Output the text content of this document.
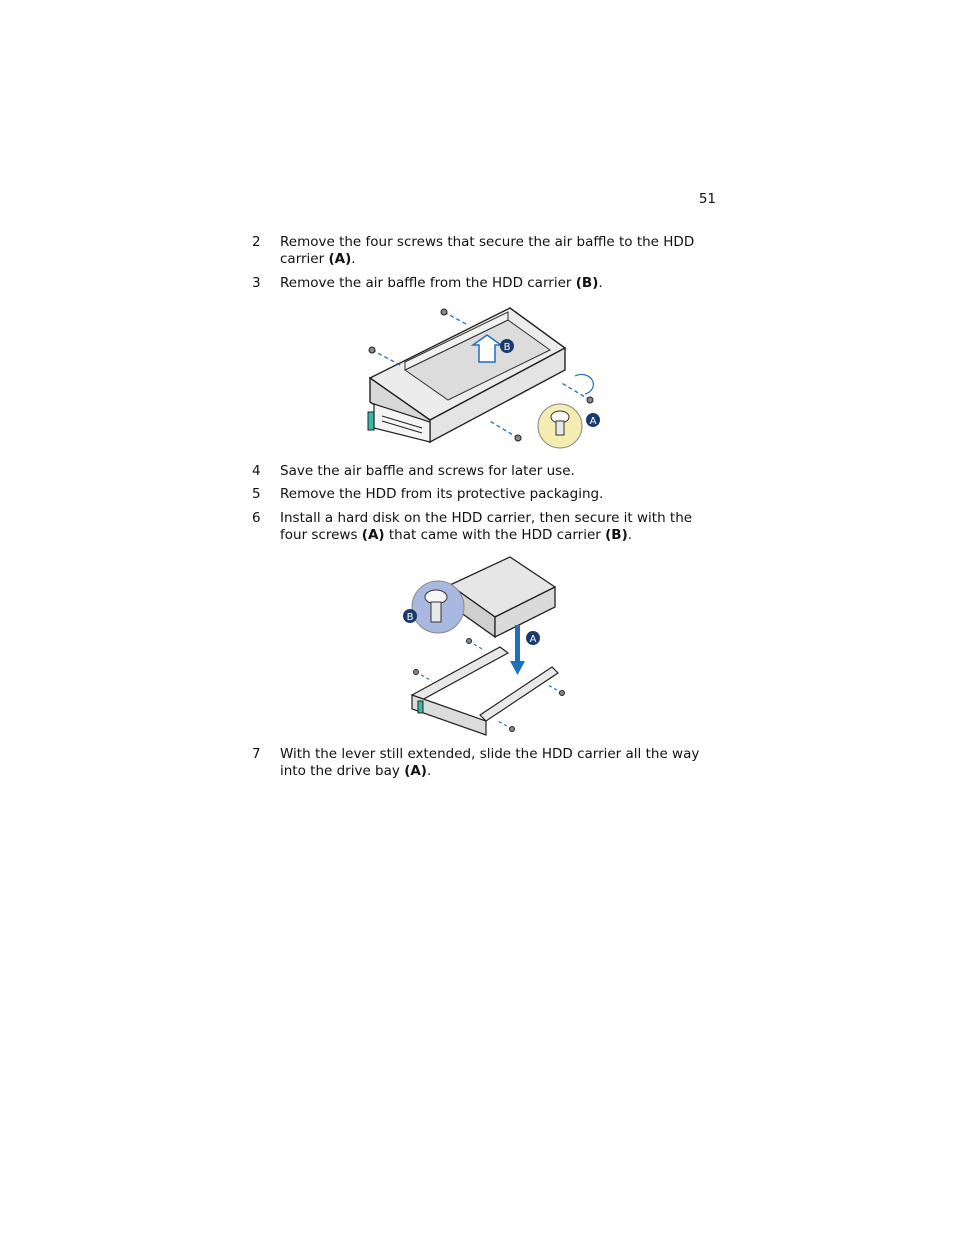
51
2 Remove the four screws that secure the air baffle to the HDD carrier (A).
3 Remove the air baffle from the HDD carrier (B).
B
A
4 Save the air baffle and screws for later use.
5 Remove the HDD from its protective packaging.
6 Install a hard disk on the HDD carrier, then secure it with the four screws (A) that came with the HDD carrier (B).
B
A
7 With the lever still extended, slide the HDD carrier all the way into the drive bay (A).
